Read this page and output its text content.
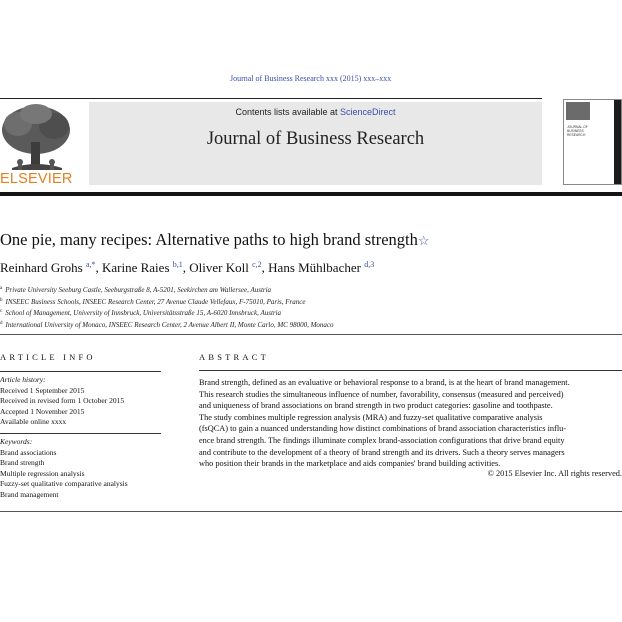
Journal of Business Research xxx (2015) xxx–xxx
ELSEVIER
Contents lists available at ScienceDirect
Journal of Business Research
JOURNAL OF BUSINESS RESEARCH
One pie, many recipes: Alternative paths to high brand strength☆
Reinhard Grohs $^{a,*}$, Karine Raies $^{b,1}$, Oliver Koll $^{c,2}$, Hans Mühlbacher $^{d,3}$
$^a$ Private University Seeburg Castle, Seeburgstraße 8, A-5201, Seekirchen am Wallersee, Austria
$^b$ INSEEC Business Schools, INSEEC Research Center, 27 Avenue Claude Vellefaux, F-75010, Paris, France
$^c$ School of Management, University of Innsbruck, Universitätsstraße 15, A-6020 Innsbruck, Austria
$^d$ International University of Monaco, INSEEC Research Center, 2 Avenue Albert II, Monte Carlo, MC 98000, Monaco
ARTICLE INFO	ABSTRACT
Article history:
Received 1 September 2015
Received in revised form 1 October 2015
Accepted 1 November 2015
Available online xxxx
Keywords:
Brand associations
Brand strength
Multiple regression analysis
Fuzzy-set qualitative comparative analysis
Brand management
Brand strength, defined as an evaluative or behavioral response to a brand, is at the heart of brand management.
This research studies the simultaneous influence of number, favorability, consensus (measured and perceived)
and uniqueness of brand associations on brand strength in two product categories: gasoline and toothpaste.
The study combines multiple regression analysis (MRA) and fuzzy-set qualitative comparative analysis
(fsQCA) to gain a nuanced understanding how distinct combinations of brand association characteristics influ-
ence brand strength. The findings illuminate complex brand-association configurations that drive brand equity
and contribute to the development of a theory of brand strength and its drivers. Such a theory serves managers
who position their brands in the marketplace and aids companies' brand building activities.
© 2015 Elsevier Inc. All rights reserved.
